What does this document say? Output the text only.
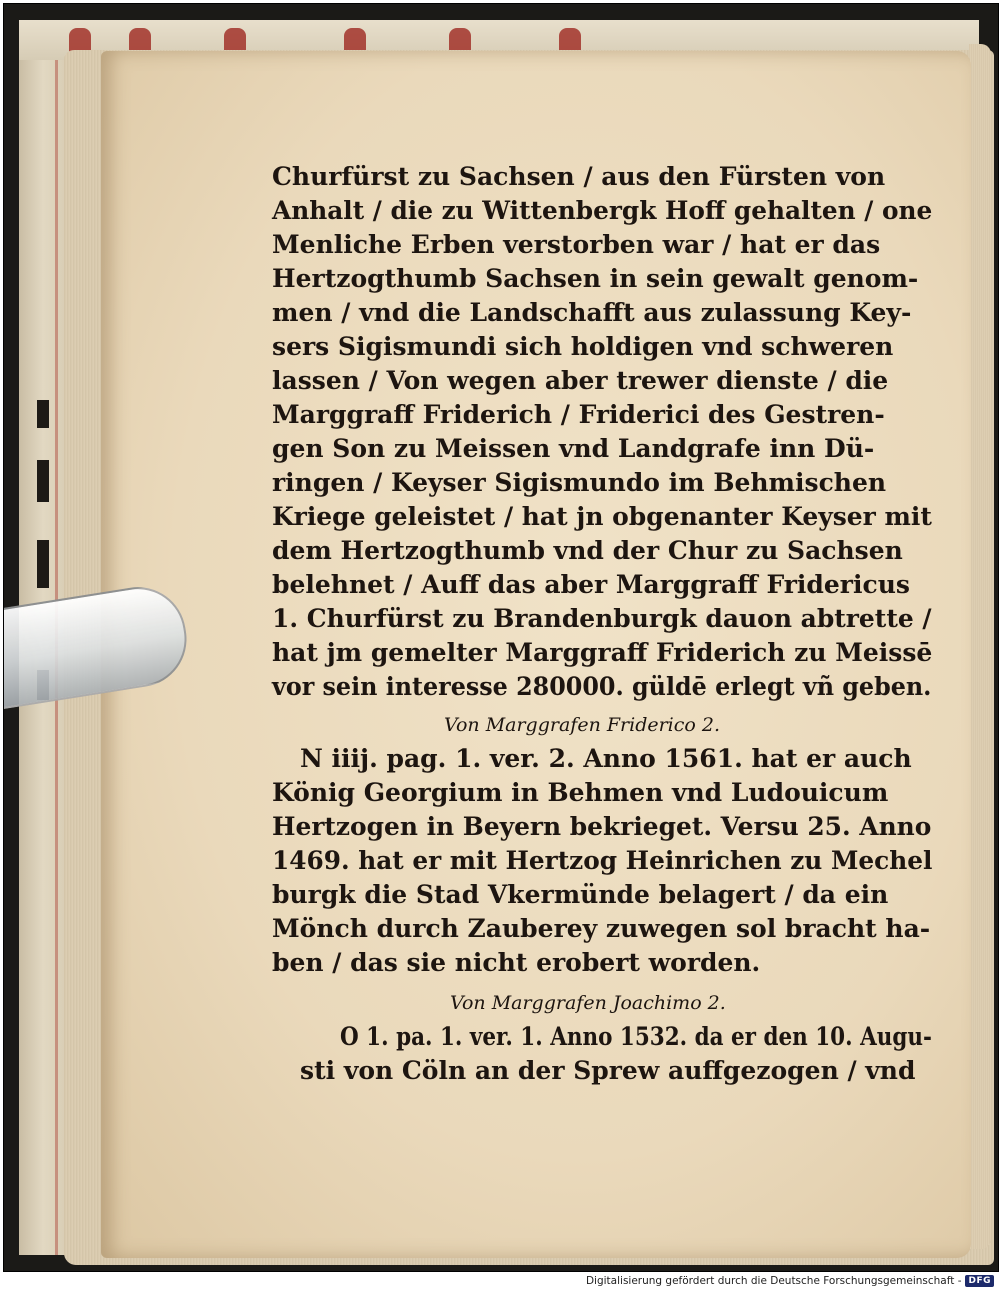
Churfürst zu Sachsen / aus den Fürsten von
Anhalt / die zu Wittenbergk Hoff gehalten / one
Menliche Erben verstorben war / hat er das
Hertzogthumb Sachsen in sein gewalt genom-
men / vnd die Landschafft aus zulassung Key-
sers Sigismundi sich holdigen vnd schweren
lassen / Von wegen aber trewer dienste / die
Marggraff Friderich / Friderici des Gestren-
gen Son zu Meissen vnd Landgrafe inn Dü-
ringen / Keyser Sigismundo im Behmischen
Kriege geleistet / hat jn obgenanter Keyser mit
dem Hertzogthumb vnd der Chur zu Sachsen
belehnet / Auff das aber Marggraff Fridericus
1. Churfürst zu Brandenburgk dauon abtrette /
hat jm gemelter Marggraff Friderich zu Meissē
vor sein interesse 280000. güldē erlegt vñ geben.
Von Marggrafen Friderico 2.
N iiij. pag. 1. ver. 2. Anno 1561. hat er auch
König Georgium in Behmen vnd Ludouicum
Hertzogen in Beyern bekrieget. Versu 25. Anno
1469. hat er mit Hertzog Heinrichen zu Mechel
burgk die Stad Vkermünde belagert / da ein
Mönch durch Zauberey zuwegen sol bracht ha-
ben / das sie nicht erobert worden.
Von Marggrafen Joachimo 2.
O 1. pa. 1. ver. 1. Anno 1532. da er den 10. Augu-
sti von Cöln an der Sprew auffgezogen / vnd
Digitalisierung gefördert durch die Deutsche Forschungsgemeinschaft - DFG
